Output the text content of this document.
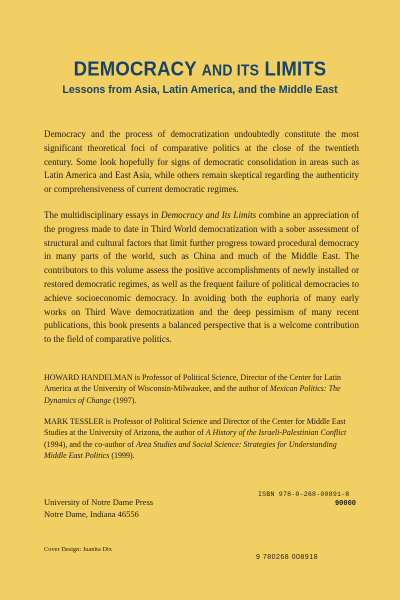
DEMOCRACY AND ITS LIMITS
Lessons from Asia, Latin America, and the Middle East

Democracy and the process of democratization undoubtedly constitute the most significant theoretical foci of comparative politics at the close of the twentieth century. Some look hopefully for signs of democratic consolidation in areas such as Latin America and East Asia, while others remain skeptical regarding the authenticity or comprehensiveness of current democratic regimes.

The multidisciplinary essays in Democracy and Its Limits combine an appreciation of the progress made to date in Third World democratization with a sober assessment of structural and cultural factors that limit further progress toward procedural democracy in many parts of the world, such as China and much of the Middle East. The contributors to this volume assess the positive accomplishments of newly installed or restored democratic regimes, as well as the frequent failure of political democracies to achieve socioeconomic democracy. In avoiding both the euphoria of many early works on Third Wave democratization and the deep pessimism of many recent publications, this book presents a balanced perspective that is a welcome contribution to the field of comparative politics.

HOWARD HANDELMAN is Professor of Political Science, Director of the Center for Latin America at the University of Wisconsin-Milwaukee, and the author of Mexican Politics: The Dynamics of Change (1997).

MARK TESSLER is Professor of Political Science and Director of the Center for Middle East Studies at the University of Arizona, the author of A History of the Israeli-Palestinian Conflict (1994), and the co-author of Area Studies and Social Science: Strategies for Understanding Middle East Politics (1999).

University of Notre Dame Press
Notre Dame, Indiana 46556
Cover Design: Juanita Dix
ISBN 978-0-268-00891-8
90000
9 780268 008918
